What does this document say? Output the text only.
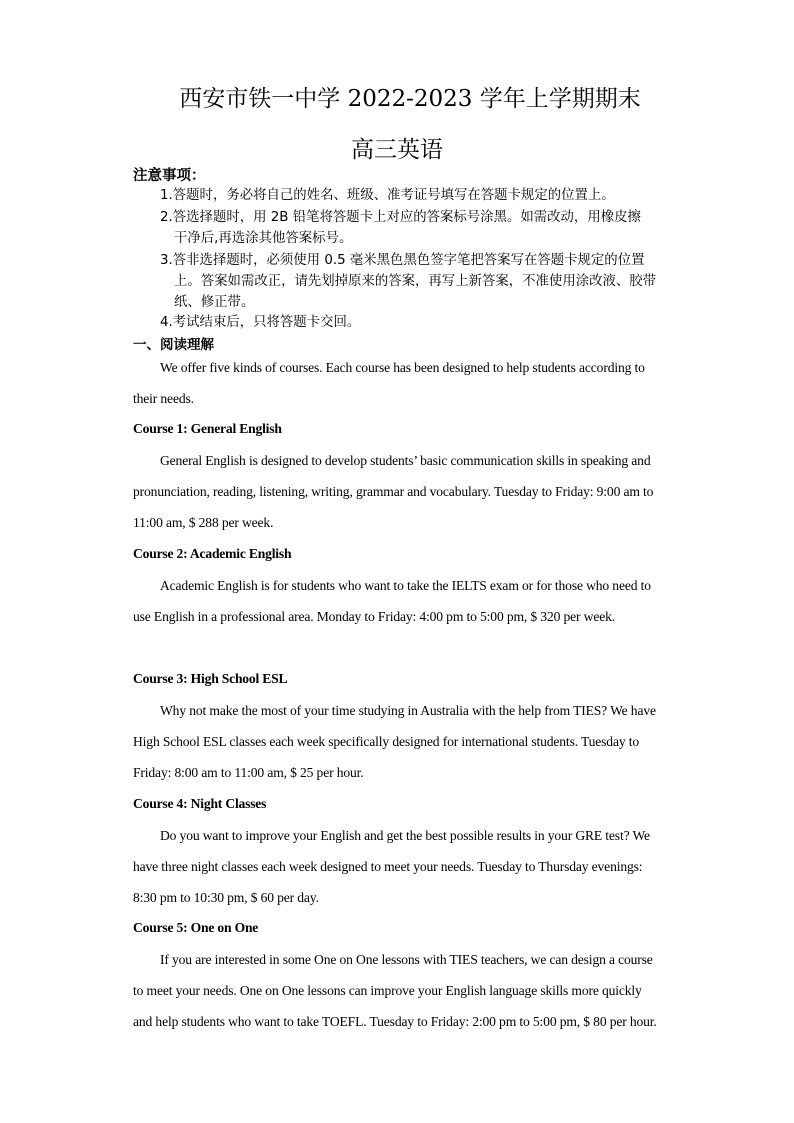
西安市铁一中学 2022-2023 学年上学期期末
高三英语
注意事项：
1.答题时，务必将自己的姓名、班级、准考证号填写在答题卡规定的位置上。
2.答选择题时，用 2B 铅笔将答题卡上对应的答案标号涂黑。如需改动，用橡皮擦
干净后,再选涂其他答案标号。
3.答非选择题时，必须使用 0.5 毫米黑色黑色签字笔把答案写在答题卡规定的位置
上。答案如需改正，请先划掉原来的答案，再写上新答案，不准使用涂改液、胶带纸、修正带。
4.考试结束后，只将答题卡交回。
一、阅读理解

We offer five kinds of courses. Each course has been designed to help students according to their needs.

Course 1: General English

General English is designed to develop students’ basic communication skills in speaking and pronunciation, reading, listening, writing, grammar and vocabulary. Tuesday to Friday: 9:00 am to 11:00 am, $ 288 per week.

Course 2: Academic English

Academic English is for students who want to take the IELTS exam or for those who need to use English in a professional area. Monday to Friday: 4:00 pm to 5:00 pm, $ 320 per week.

Course 3: High School ESL

Why not make the most of your time studying in Australia with the help from TIES? We have High School ESL classes each week specifically designed for international students. Tuesday to Friday: 8:00 am to 11:00 am, $ 25 per hour.

Course 4: Night Classes

Do you want to improve your English and get the best possible results in your GRE test? We have three night classes each week designed to meet your needs. Tuesday to Thursday evenings: 8:30 pm to 10:30 pm, $ 60 per day.

Course 5: One on One

If you are interested in some One on One lessons with TIES teachers, we can design a course to meet your needs. One on One lessons can improve your English language skills more quickly and help students who want to take TOEFL. Tuesday to Friday: 2:00 pm to 5:00 pm, $ 80 per hour.
